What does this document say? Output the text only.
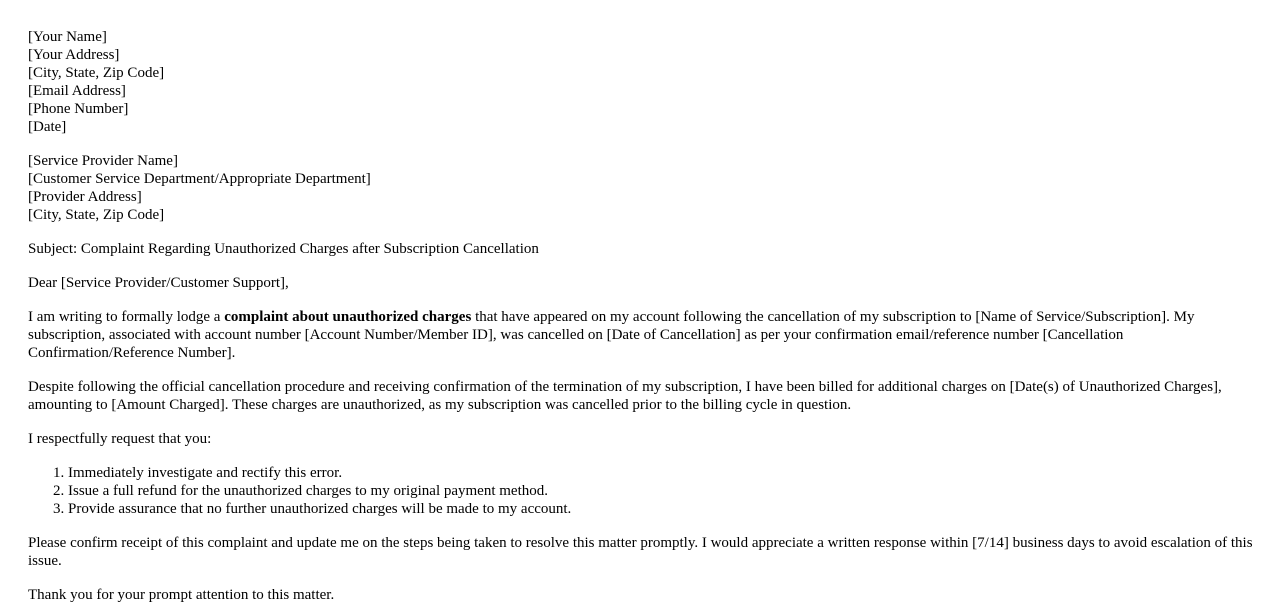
[Your Name]
[Your Address]
[City, State, Zip Code]
[Email Address]
[Phone Number]
[Date]
[Service Provider Name]
[Customer Service Department/Appropriate Department]
[Provider Address]
[City, State, Zip Code]

Subject: Complaint Regarding Unauthorized Charges after Subscription Cancellation

Dear [Service Provider/Customer Support],

I am writing to formally lodge a complaint about unauthorized charges that have appeared on my account following the cancellation of my subscription to [Name of Service/Subscription]. My subscription, associated with account number [Account Number/Member ID], was cancelled on [Date of Cancellation] as per your confirmation email/reference number [Cancellation Confirmation/Reference Number].

Despite following the official cancellation procedure and receiving confirmation of the termination of my subscription, I have been billed for additional charges on [Date(s) of Unauthorized Charges], amounting to [Amount Charged]. These charges are unauthorized, as my subscription was cancelled prior to the billing cycle in question.

I respectfully request that you:

1. Immediately investigate and rectify this error.
2. Issue a full refund for the unauthorized charges to my original payment method.
3. Provide assurance that no further unauthorized charges will be made to my account.

Please confirm receipt of this complaint and update me on the steps being taken to resolve this matter promptly. I would appreciate a written response within [7/14] business days to avoid escalation of this issue.

Thank you for your prompt attention to this matter.
